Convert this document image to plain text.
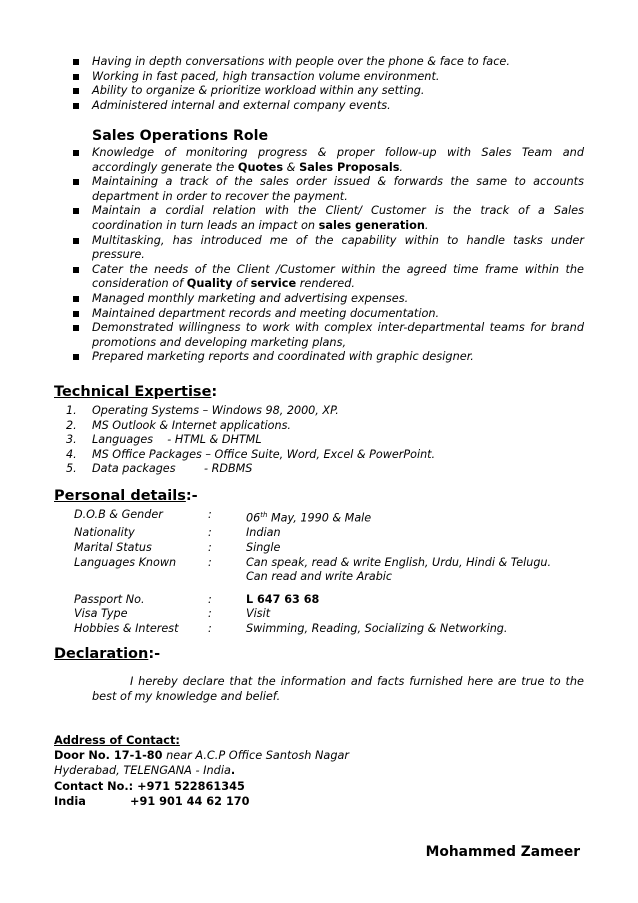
Having in depth conversations with people over the phone & face to face.
Working in fast paced, high transaction volume environment.
Ability to organize & prioritize workload within any setting.
Administered internal and external company events.
Sales Operations Role
Knowledge of monitoring progress & proper follow-up with Sales Team and accordingly generate the Quotes & Sales Proposals.
Maintaining a track of the sales order issued & forwards the same to accounts department in order to recover the payment.
Maintain a cordial relation with the Client/ Customer is the track of a Sales coordination in turn leads an impact on sales generation.
Multitasking, has introduced me of the capability within to handle tasks under pressure.
Cater the needs of the Client /Customer within the agreed time frame within the consideration of Quality of service rendered.
Managed monthly marketing and advertising expenses.
Maintained department records and meeting documentation.
Demonstrated willingness to work with complex inter-departmental teams for brand promotions and developing marketing plans,
Prepared marketing reports and coordinated with graphic designer.
Technical Expertise:
1. Operating Systems – Windows 98, 2000, XP.
2. MS Outlook & Internet applications.
3. Languages    - HTML & DHTML
4. MS Office Packages – Office Suite, Word, Excel & PowerPoint.
5. Data packages        - RDBMS
Personal details:-
D.O.B & Gender	:	06th May, 1990 & Male
Nationality	:	Indian
Marital Status	:	Single
Languages Known	:	Can speak, read & write English, Urdu, Hindi & Telugu.
Can read and write Arabic
Passport No.	:	L 647 63 68
Visa Type	:	Visit
Hobbies & Interest	:	Swimming, Reading, Socializing & Networking.
Declaration:-
I hereby declare that the information and facts furnished here are true to the best of my knowledge and belief.
Address of Contact:
Door No. 17-1-80 near A.C.P Office Santosh Nagar
Hyderabad, TELENGANA - India.
Contact No.: +971 522861345
India	+91 901 44 62 170
Mohammed Zameer
